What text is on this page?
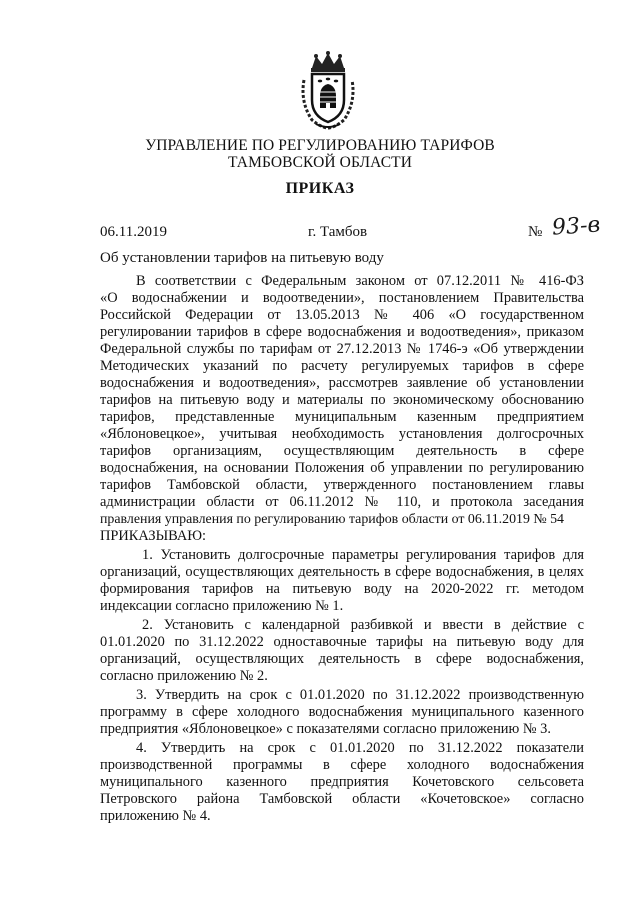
УПРАВЛЕНИЕ ПО РЕГУЛИРОВАНИЮ ТАРИФОВ
ТАМБОВСКОЙ ОБЛАСТИ
ПРИКАЗ
06.11.2019	г. Тамбов	№ 93-в
Об установлении тарифов на питьевую воду
В соответствии с Федеральным законом от 07.12.2011 № 416-ФЗ
«О водоснабжении и водоотведении», постановлением Правительства
Российской Федерации от 13.05.2013 № 406 «О государственном
регулировании тарифов в сфере водоснабжения и водоотведения», приказом
Федеральной службы по тарифам от 27.12.2013 № 1746-э «Об утверждении
Методических указаний по расчету регулируемых тарифов в сфере
водоснабжения и водоотведения», рассмотрев заявление об установлении
тарифов на питьевую воду и материалы по экономическому обоснованию
тарифов, представленные муниципальным казенным предприятием
«Яблоновецкое», учитывая необходимость установления долгосрочных
тарифов организациям, осуществляющим деятельность в сфере
водоснабжения, на основании Положения об управлении по регулированию
тарифов Тамбовской области, утвержденного постановлением главы
администрации области от 06.11.2012 № 110, и протокола заседания
правления управления по регулированию тарифов области от 06.11.2019 № 54
ПРИКАЗЫВАЮ:
1. Установить долгосрочные параметры регулирования тарифов для
организаций, осуществляющих деятельность в сфере водоснабжения, в целях
формирования тарифов на питьевую воду на 2020-2022 гг. методом
индексации согласно приложению № 1.
2. Установить с календарной разбивкой и ввести в действие с
01.01.2020 по 31.12.2022 одноставочные тарифы на питьевую воду для
организаций, осуществляющих деятельность в сфере водоснабжения,
согласно приложению № 2.
3. Утвердить на срок с 01.01.2020 по 31.12.2022 производственную
программу в сфере холодного водоснабжения муниципального казенного
предприятия «Яблоновецкое» с показателями согласно приложению № 3.
4. Утвердить на срок с 01.01.2020 по 31.12.2022 показатели
производственной программы в сфере холодного водоснабжения
муниципального казенного предприятия Кочетовского сельсовета
Петровского района Тамбовской области «Кочетовское» согласно
приложению № 4.
